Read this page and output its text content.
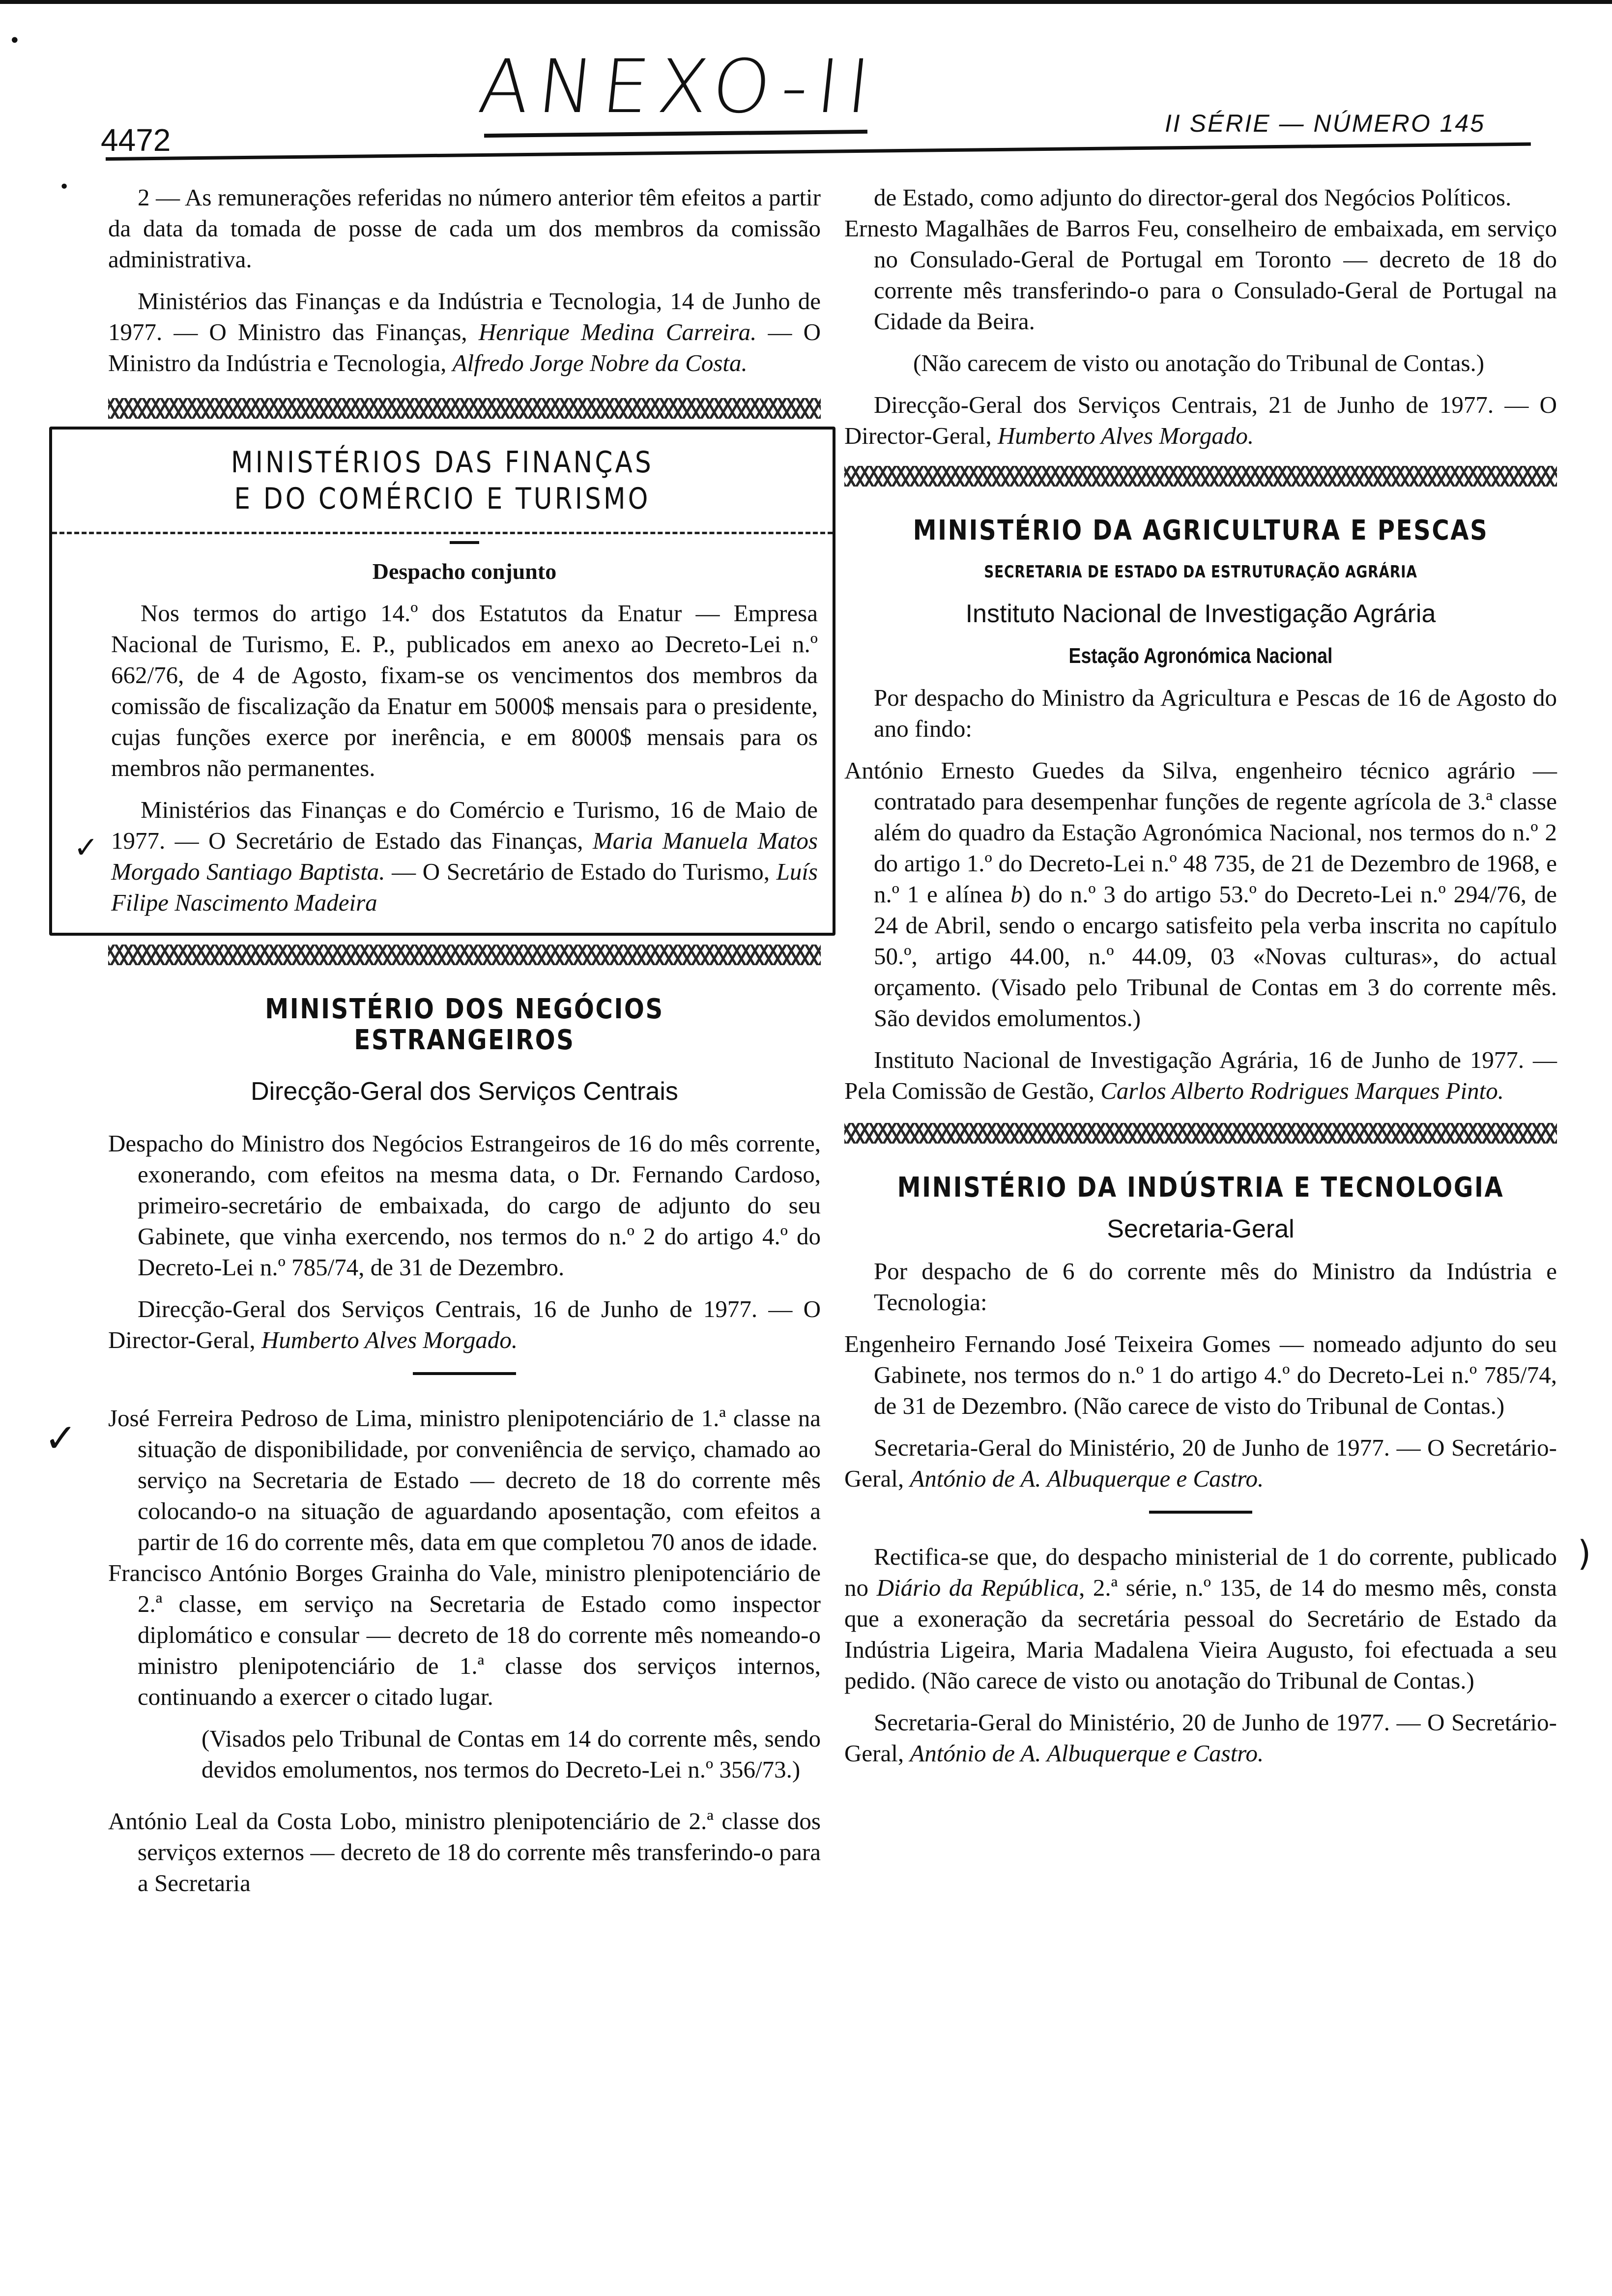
ANEXO-II
4472	II SÉRIE — NÚMERO 145
•
•
✓
✓
)

2 — As remunerações referidas no número anterior têm efeitos a partir da data da tomada de posse de cada um dos membros da comissão administrativa.

Ministérios das Finanças e da Indústria e Tecnologia, 14 de Junho de 1977. — O Ministro das Finanças, Henrique Medina Carreira. — O Ministro da Indústria e Tecnologia, Alfredo Jorge Nobre da Costa.

MINISTÉRIOS DAS FINANÇAS
E DO COMÉRCIO E TURISMO
Despacho conjunto

Nos termos do artigo 14.º dos Estatutos da Enatur — Empresa Nacional de Turismo, E. P., publicados em anexo ao Decreto-Lei n.º 662/76, de 4 de Agosto, fixam-se os vencimentos dos membros da comissão de fiscalização da Enatur em 5000$ mensais para o presidente, cujas funções exerce por inerência, e em 8000$ mensais para os membros não permanentes.

Ministérios das Finanças e do Comércio e Turismo, 16 de Maio de 1977. — O Secretário de Estado das Finanças, Maria Manuela Matos Morgado Santiago Baptista. — O Secretário de Estado do Turismo, Luís Filipe Nascimento Madeira

MINISTÉRIO DOS NEGÓCIOS ESTRANGEIROS
Direcção-Geral dos Serviços Centrais

Despacho do Ministro dos Negócios Estrangeiros de 16 do mês corrente, exonerando, com efeitos na mesma data, o Dr. Fernando Cardoso, primeiro-secretário de embaixada, do cargo de adjunto do seu Gabinete, que vinha exercendo, nos termos do n.º 2 do artigo 4.º do Decreto-Lei n.º 785/74, de 31 de Dezembro.

Direcção-Geral dos Serviços Centrais, 16 de Junho de 1977. — O Director-Geral, Humberto Alves Morgado.

José Ferreira Pedroso de Lima, ministro plenipotenciário de 1.ª classe na situação de disponibilidade, por conveniência de serviço, chamado ao serviço na Secretaria de Estado — decreto de 18 do corrente mês colocando-o na situação de aguardando aposentação, com efeitos a partir de 16 do corrente mês, data em que completou 70 anos de idade.

Francisco António Borges Grainha do Vale, ministro plenipotenciário de 2.ª classe, em serviço na Secretaria de Estado como inspector diplomático e consular — decreto de 18 do corrente mês nomeando-o ministro plenipotenciário de 1.ª classe dos serviços internos, continuando a exercer o citado lugar.

(Visados pelo Tribunal de Contas em 14 do corrente mês, sendo devidos emolumentos, nos termos do Decreto-Lei n.º 356/73.)

António Leal da Costa Lobo, ministro plenipotenciário de 2.ª classe dos serviços externos — decreto de 18 do corrente mês transferindo-o para a Secretaria

de Estado, como adjunto do director-geral dos Negócios Políticos.

Ernesto Magalhães de Barros Feu, conselheiro de embaixada, em serviço no Consulado-Geral de Portugal em Toronto — decreto de 18 do corrente mês transferindo-o para o Consulado-Geral de Portugal na Cidade da Beira.

(Não carecem de visto ou anotação do Tribunal de Contas.)

Direcção-Geral dos Serviços Centrais, 21 de Junho de 1977. — O Director-Geral, Humberto Alves Morgado.

MINISTÉRIO DA AGRICULTURA E PESCAS
SECRETARIA DE ESTADO DA ESTRUTURAÇÃO AGRÁRIA
Instituto Nacional de Investigação Agrária
Estação Agronómica Nacional

Por despacho do Ministro da Agricultura e Pescas de 16 de Agosto do ano findo:

António Ernesto Guedes da Silva, engenheiro técnico agrário — contratado para desempenhar funções de regente agrícola de 3.ª classe além do quadro da Estação Agronómica Nacional, nos termos do n.º 2 do artigo 1.º do Decreto-Lei n.º 48 735, de 21 de Dezembro de 1968, e n.º 1 e alínea b) do n.º 3 do artigo 53.º do Decreto-Lei n.º 294/76, de 24 de Abril, sendo o encargo satisfeito pela verba inscrita no capítulo 50.º, artigo 44.00, n.º 44.09, 03 «Novas culturas», do actual orçamento. (Visado pelo Tribunal de Contas em 3 do corrente mês. São devidos emolumentos.)

Instituto Nacional de Investigação Agrária, 16 de Junho de 1977. — Pela Comissão de Gestão, Carlos Alberto Rodrigues Marques Pinto.

MINISTÉRIO DA INDÚSTRIA E TECNOLOGIA
Secretaria-Geral

Por despacho de 6 do corrente mês do Ministro da Indústria e Tecnologia:

Engenheiro Fernando José Teixeira Gomes — nomeado adjunto do seu Gabinete, nos termos do n.º 1 do artigo 4.º do Decreto-Lei n.º 785/74, de 31 de Dezembro. (Não carece de visto do Tribunal de Contas.)

Secretaria-Geral do Ministério, 20 de Junho de 1977. — O Secretário-Geral, António de A. Albuquerque e Castro.

Rectifica-se que, do despacho ministerial de 1 do corrente, publicado no Diário da República, 2.ª série, n.º 135, de 14 do mesmo mês, consta que a exoneração da secretária pessoal do Secretário de Estado da Indústria Ligeira, Maria Madalena Vieira Augusto, foi efectuada a seu pedido. (Não carece de visto ou anotação do Tribunal de Contas.)

Secretaria-Geral do Ministério, 20 de Junho de 1977. — O Secretário-Geral, António de A. Albuquerque e Castro.
